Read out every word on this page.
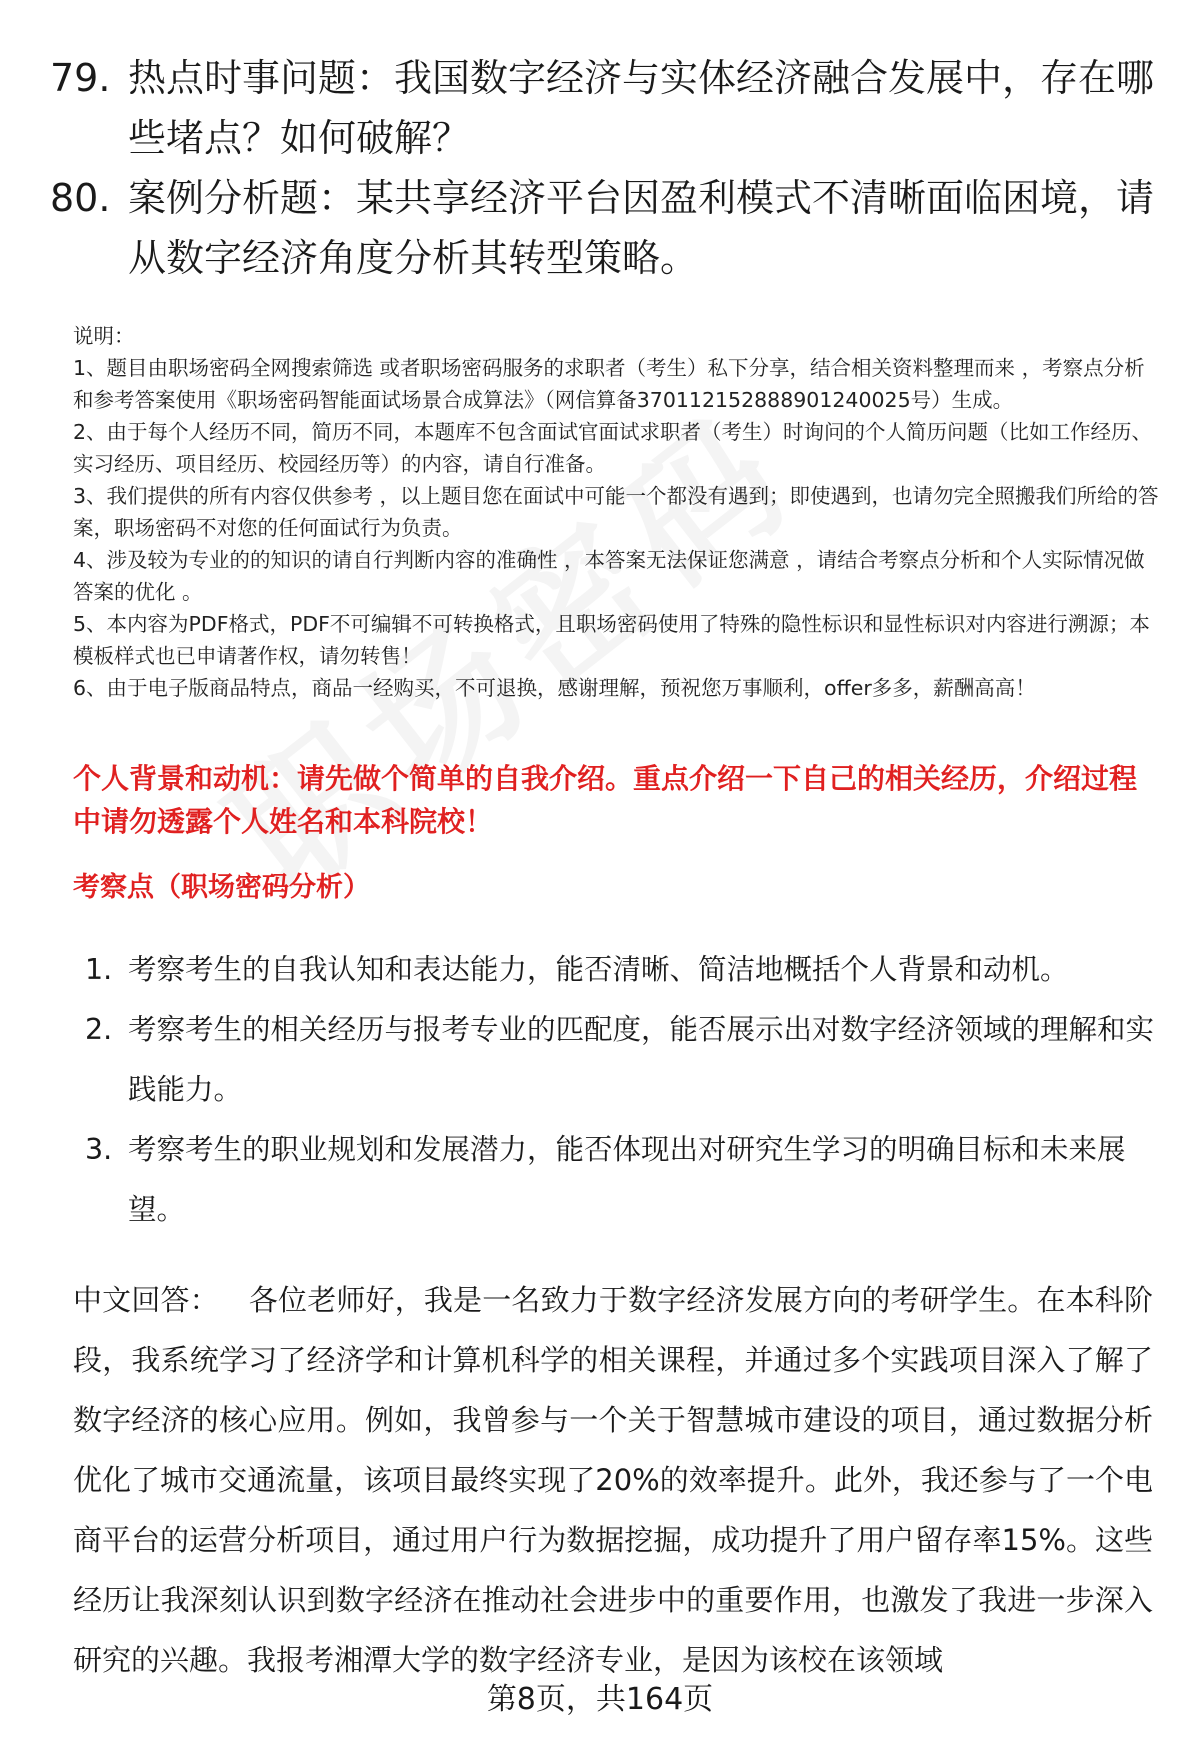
79. 热点时事问题：我国数字经济与实体经济融合发展中，存在哪些堵点？如何破解？
80. 案例分析题：某共享经济平台因盈利模式不清晰面临困境，请从数字经济角度分析其转型策略。

说明：

1、题目由职场密码全网搜索筛选 或者职场密码服务的求职者（考生）私下分享，结合相关资料整理而来 ，考察点分析和参考答案使用《职场密码智能面试场景合成算法》（网信算备370112152888901240025号）生成。

2、由于每个人经历不同，简历不同，本题库不包含面试官面试求职者（考生）时询问的个人简历问题（比如工作经历、实习经历、项目经历、校园经历等）的内容，请自行准备。

3、我们提供的所有内容仅供参考 ，以上题目您在面试中可能一个都没有遇到；即使遇到，也请勿完全照搬我们所给的答案，职场密码不对您的任何面试行为负责。

4、涉及较为专业的的知识的请自行判断内容的准确性 ，本答案无法保证您满意 ，请结合考察点分析和个人实际情况做答案的优化 。

5、本内容为PDF格式，PDF不可编辑不可转换格式，且职场密码使用了特殊的隐性标识和显性标识对内容进行溯源；本模板样式也已申请著作权，请勿转售！

6、由于电子版商品特点，商品一经购买，不可退换，感谢理解，预祝您万事顺利，offer多多，薪酬高高！

个人背景和动机：请先做个简单的自我介绍。重点介绍一下自己的相关经历，介绍过程中请勿透露个人姓名和本科院校！
考察点（职场密码分析）
1. 考察考生的自我认知和表达能力，能否清晰、简洁地概括个人背景和动机。
2. 考察考生的相关经历与报考专业的匹配度，能否展示出对数字经济领域的理解和实践能力。
3. 考察考生的职业规划和发展潜力，能否体现出对研究生学习的明确目标和未来展望。
中文回答： 各位老师好，我是一名致力于数字经济发展方向的考研学生。在本科阶段，我系统学习了经济学和计算机科学的相关课程，并通过多个实践项目深入了解了数字经济的核心应用。例如，我曾参与一个关于智慧城市建设的项目，通过数据分析优化了城市交通流量，该项目最终实现了20%的效率提升。此外，我还参与了一个电商平台的运营分析项目，通过用户行为数据挖掘，成功提升了用户留存率15%。这些经历让我深刻认识到数字经济在推动社会进步中的重要作用，也激发了我进一步深入研究的兴趣。我报考湘潭大学的数字经济专业，是因为该校在该领域
第8页，共164页
